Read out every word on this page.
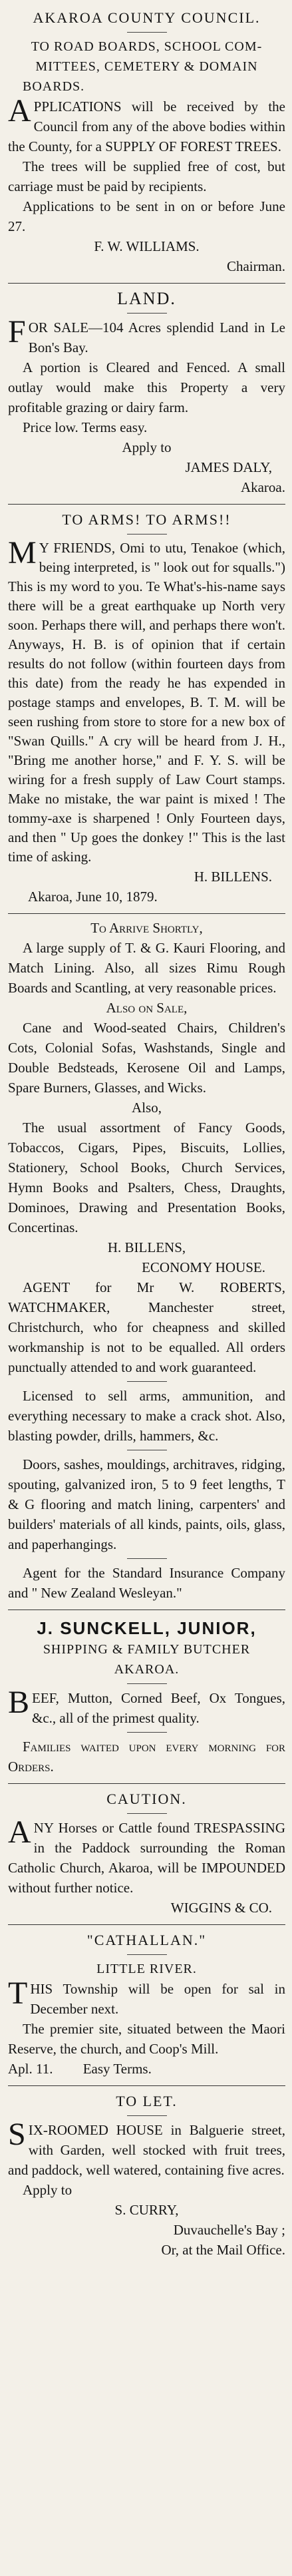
AKAROA COUNTY COUNCIL.
TO ROAD BOARDS, SCHOOL COM-
MITTEES, CEMETERY & DOMAIN
BOARDS.

APPLICATIONS will be received by the Council from any of the above bodies within the County, for a SUPPLY OF FOREST TREES.

The trees will be supplied free of cost, but carriage must be paid by recipients.

Applications to be sent in on or before June 27.

F. W. WILLIAMS.
Chairman.
LAND.

FOR SALE—104 Acres splendid Land in Le Bon's Bay.

A portion is Cleared and Fenced. A small outlay would make this Property a very profitable grazing or dairy farm.

Price low. Terms easy.

Apply to
JAMES DALY,
Akaroa.
TO ARMS! TO ARMS!!

MY FRIENDS, Omi to utu, Tenakoe (which, being interpreted, is " look out for squalls.") This is my word to you. Te What's-his-name says there will be a great earthquake up North very soon. Perhaps there will, and perhaps there won't. Anyways, H. B. is of opinion that if certain results do not follow (within fourteen days from this date) from the ready he has expended in postage stamps and envelopes, B. T. M. will be seen rushing from store to store for a new box of "Swan Quills." A cry will be heard from J. H., "Bring me another horse," and F. Y. S. will be wiring for a fresh supply of Law Court stamps. Make no mistake, the war paint is mixed ! The tommy-axe is sharpened ! Only Fourteen days, and then " Up goes the donkey !" This is the last time of asking.

H. BILLENS.
Akaroa, June 10, 1879.
To Arrive Shortly,

A large supply of T. & G. Kauri Flooring, and Match Lining. Also, all sizes Rimu Rough Boards and Scantling, at very reasonable prices.

Also on Sale,

Cane and Wood-seated Chairs, Children's Cots, Colonial Sofas, Washstands, Single and Double Bedsteads, Kerosene Oil and Lamps, Spare Burners, Glasses, and Wicks.

Also,

The usual assortment of Fancy Goods, Tobaccos, Cigars, Pipes, Biscuits, Lollies, Stationery, School Books, Church Services, Hymn Books and Psalters, Chess, Draughts, Dominoes, Drawing and Presentation Books, Concertinas.

H. BILLENS,
ECONOMY HOUSE.

AGENT for Mr W. ROBERTS, WATCHMAKER, Manchester street, Christchurch, who for cheapness and skilled workmanship is not to be equalled. All orders punctually attended to and work guaranteed.

Licensed to sell arms, ammunition, and everything necessary to make a crack shot. Also, blasting powder, drills, hammers, &c.

Doors, sashes, mouldings, architraves, ridging, spouting, galvanized iron, 5 to 9 feet lengths, T & G flooring and match lining, carpenters' and builders' materials of all kinds, paints, oils, glass, and paperhangings.

Agent for the Standard Insurance Company and " New Zealand Wesleyan."

J. SUNCKELL, JUNIOR,
SHIPPING & FAMILY BUTCHER
AKAROA.

BEEF, Mutton, Corned Beef, Ox Tongues, &c., all of the primest quality.

Families waited upon every morning for Orders.

CAUTION.

ANY Horses or Cattle found TRESPASSING in the Paddock surrounding the Roman Catholic Church, Akaroa, will be IMPOUNDED without further notice.

WIGGINS & CO.
"CATHALLAN."
LITTLE RIVER.

THIS Township will be open for sal in December next.

The premier site, situated between the Maori Reserve, the church, and Coop's Mill.

Apl. 11. Easy Terms.
TO LET.

SIX-ROOMED HOUSE in Balguerie street, with Garden, well stocked with fruit trees, and paddock, well watered, containing five acres.

Apply to
S. CURRY,
Duvauchelle's Bay ;
Or, at the Mail Office.
